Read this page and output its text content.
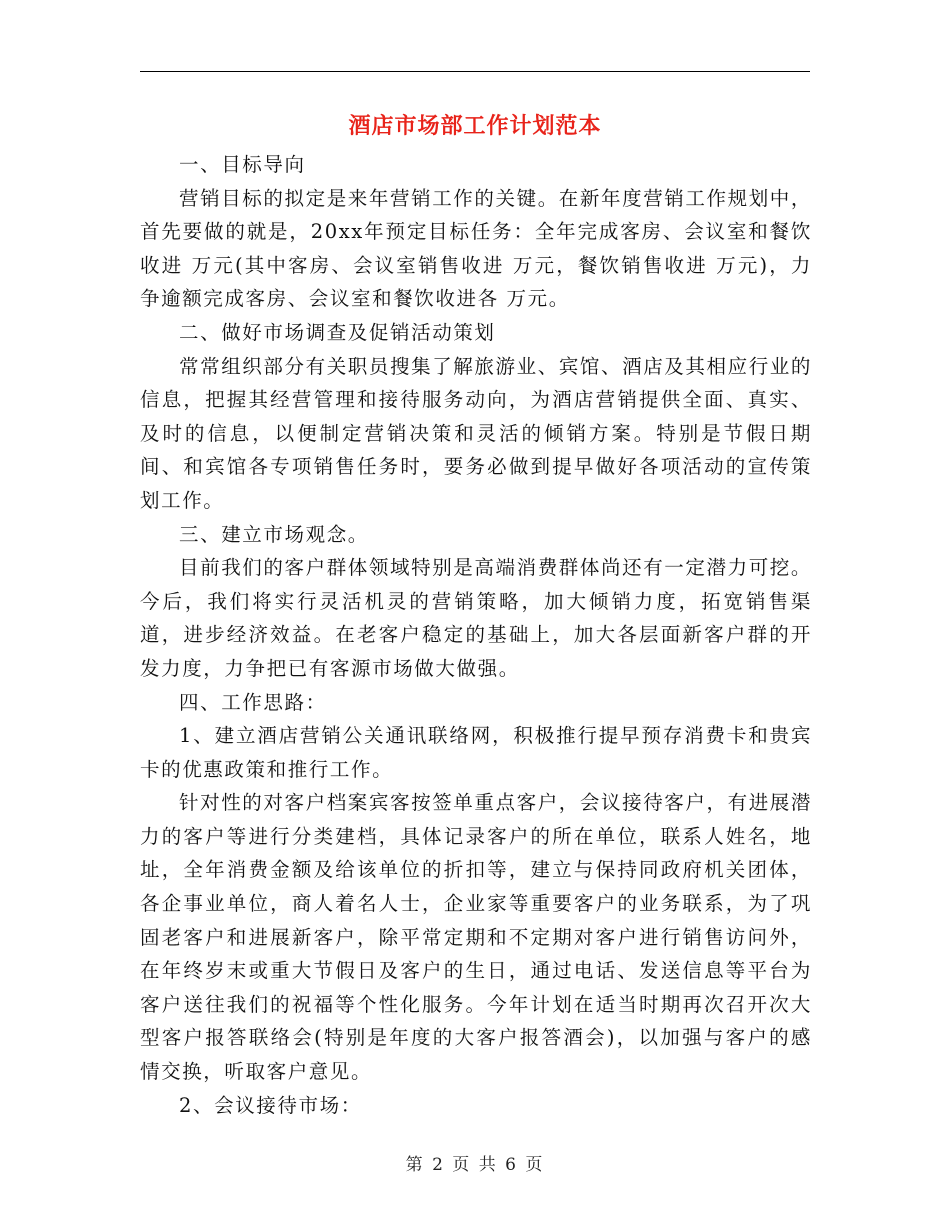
酒店市场部工作计划范本

一、目标导向

营销目标的拟定是来年营销工作的关键。在新年度营销工作规划中，首先要做的就是，20xx年预定目标任务：全年完成客房、会议室和餐饮收进 万元(其中客房、会议室销售收进 万元，餐饮销售收进 万元)，力争逾额完成客房、会议室和餐饮收进各 万元。

二、做好市场调查及促销活动策划

常常组织部分有关职员搜集了解旅游业、宾馆、酒店及其相应行业的信息，把握其经营管理和接待服务动向，为酒店营销提供全面、真实、及时的信息，以便制定营销决策和灵活的倾销方案。特别是节假日期间、和宾馆各专项销售任务时，要务必做到提早做好各项活动的宣传策划工作。

三、建立市场观念。

目前我们的客户群体领域特别是高端消费群体尚还有一定潜力可挖。今后，我们将实行灵活机灵的营销策略，加大倾销力度，拓宽销售渠道，进步经济效益。在老客户稳定的基础上，加大各层面新客户群的开发力度，力争把已有客源市场做大做强。

四、工作思路：

1、建立酒店营销公关通讯联络网，积极推行提早预存消费卡和贵宾卡的优惠政策和推行工作。

针对性的对客户档案宾客按签单重点客户，会议接待客户，有进展潜力的客户等进行分类建档，具体记录客户的所在单位，联系人姓名，地址，全年消费金额及给该单位的折扣等，建立与保持同政府机关团体，各企事业单位，商人着名人士，企业家等重要客户的业务联系，为了巩固老客户和进展新客户，除平常定期和不定期对客户进行销售访问外，在年终岁末或重大节假日及客户的生日，通过电话、发送信息等平台为客户送往我们的祝福等个性化服务。今年计划在适当时期再次召开次大型客户报答联络会(特别是年度的大客户报答酒会)，以加强与客户的感情交换，听取客户意见。

2、会议接待市场：

第 2 页 共 6 页
